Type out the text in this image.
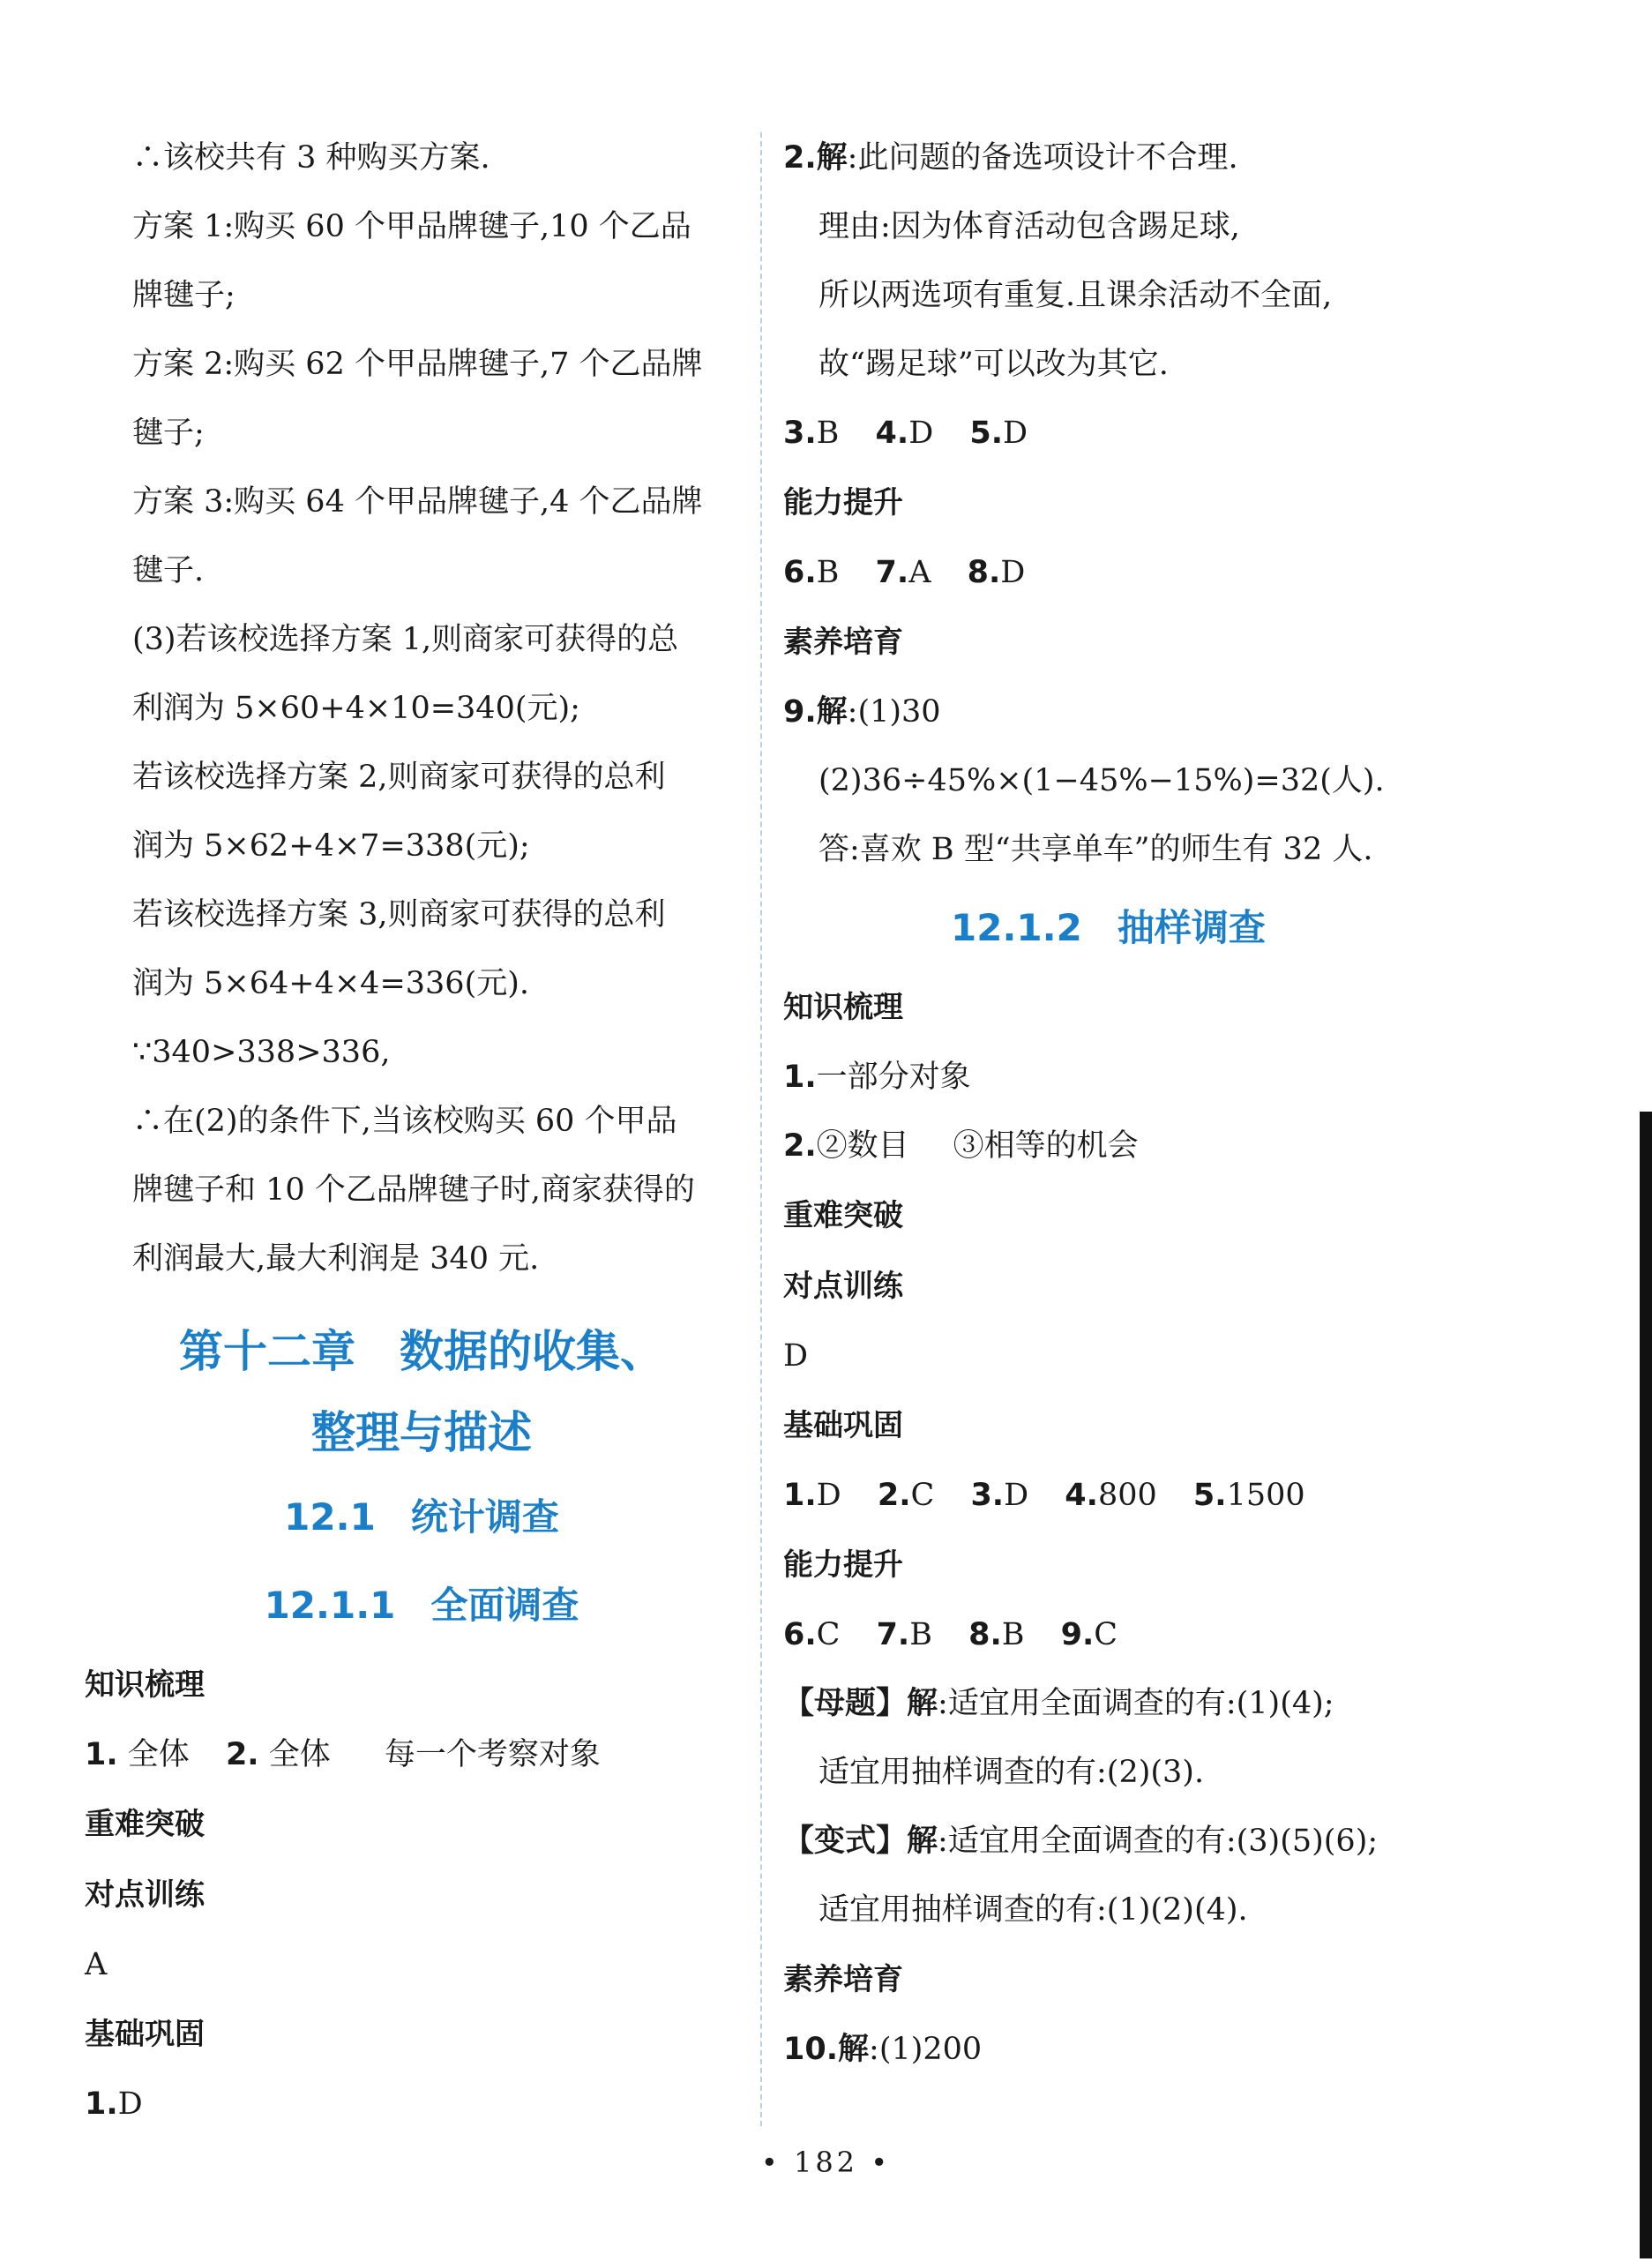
∴该校共有 3 种购买方案.
方案 1:购买 60 个甲品牌毽子,10 个乙品
牌毽子;
方案 2:购买 62 个甲品牌毽子,7 个乙品牌
毽子;
方案 3:购买 64 个甲品牌毽子,4 个乙品牌
毽子.
(3)若该校选择方案 1,则商家可获得的总
利润为 5×60+4×10=340(元);
若该校选择方案 2,则商家可获得的总利
润为 5×62+4×7=338(元);
若该校选择方案 3,则商家可获得的总利
润为 5×64+4×4=336(元).
∵340>338>336,
∴在(2)的条件下,当该校购买 60 个甲品
牌毽子和 10 个乙品牌毽子时,商家获得的
利润最大,最大利润是 340 元.
第十二章　数据的收集、
整理与描述
12.1 统计调查
12.1.1 全面调查
知识梳理
1. 全体 2. 全体 每一个考察对象
重难突破
对点训练
A
基础巩固
1.D
2.解:此问题的备选项设计不合理.
理由:因为体育活动包含踢足球,
所以两选项有重复.且课余活动不全面,
故“踢足球”可以改为其它.
3.B 4.D 5.D
能力提升
6.B 7.A 8.D
素养培育
9.解:(1)30
(2)36÷45%×(1−45%−15%)=32(人).
答:喜欢 B 型“共享单车”的师生有 32 人.
12.1.2 抽样调查
知识梳理
1.一部分对象
2.②数目 ③相等的机会
重难突破
对点训练
D
基础巩固
1.D 2.C 3.D 4.800 5.1500
能力提升
6.C 7.B 8.B 9.C
【母题】解:适宜用全面调查的有:(1)(4);
适宜用抽样调查的有:(2)(3).
【变式】解:适宜用全面调查的有:(3)(5)(6);
适宜用抽样调查的有:(1)(2)(4).
素养培育
10.解:(1)200
• 182 •
